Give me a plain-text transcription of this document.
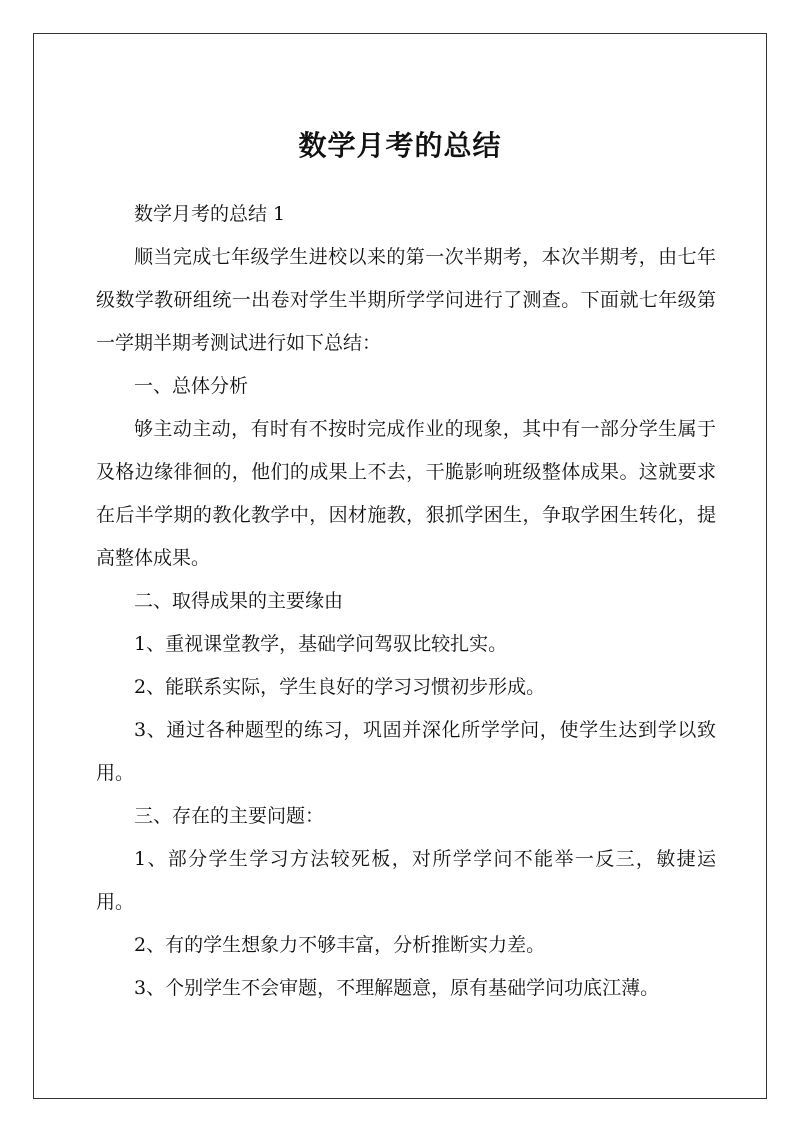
数学月考的总结

数学月考的总结 1

顺当完成七年级学生进校以来的第一次半期考，本次半期考，由七年级数学教研组统一出卷对学生半期所学学问进行了测查。下面就七年级第一学期半期考测试进行如下总结：

一、总体分析

够主动主动，有时有不按时完成作业的现象，其中有一部分学生属于及格边缘徘徊的，他们的成果上不去，干脆影响班级整体成果。这就要求在后半学期的教化教学中，因材施教，狠抓学困生，争取学困生转化，提高整体成果。

二、取得成果的主要缘由

1、重视课堂教学，基础学问驾驭比较扎实。

2、能联系实际，学生良好的学习习惯初步形成。

3、通过各种题型的练习，巩固并深化所学学问，使学生达到学以致用。

三、存在的主要问题：

1、部分学生学习方法较死板，对所学学问不能举一反三，敏捷运用。

2、有的学生想象力不够丰富，分析推断实力差。

3、个别学生不会审题，不理解题意，原有基础学问功底江薄。
